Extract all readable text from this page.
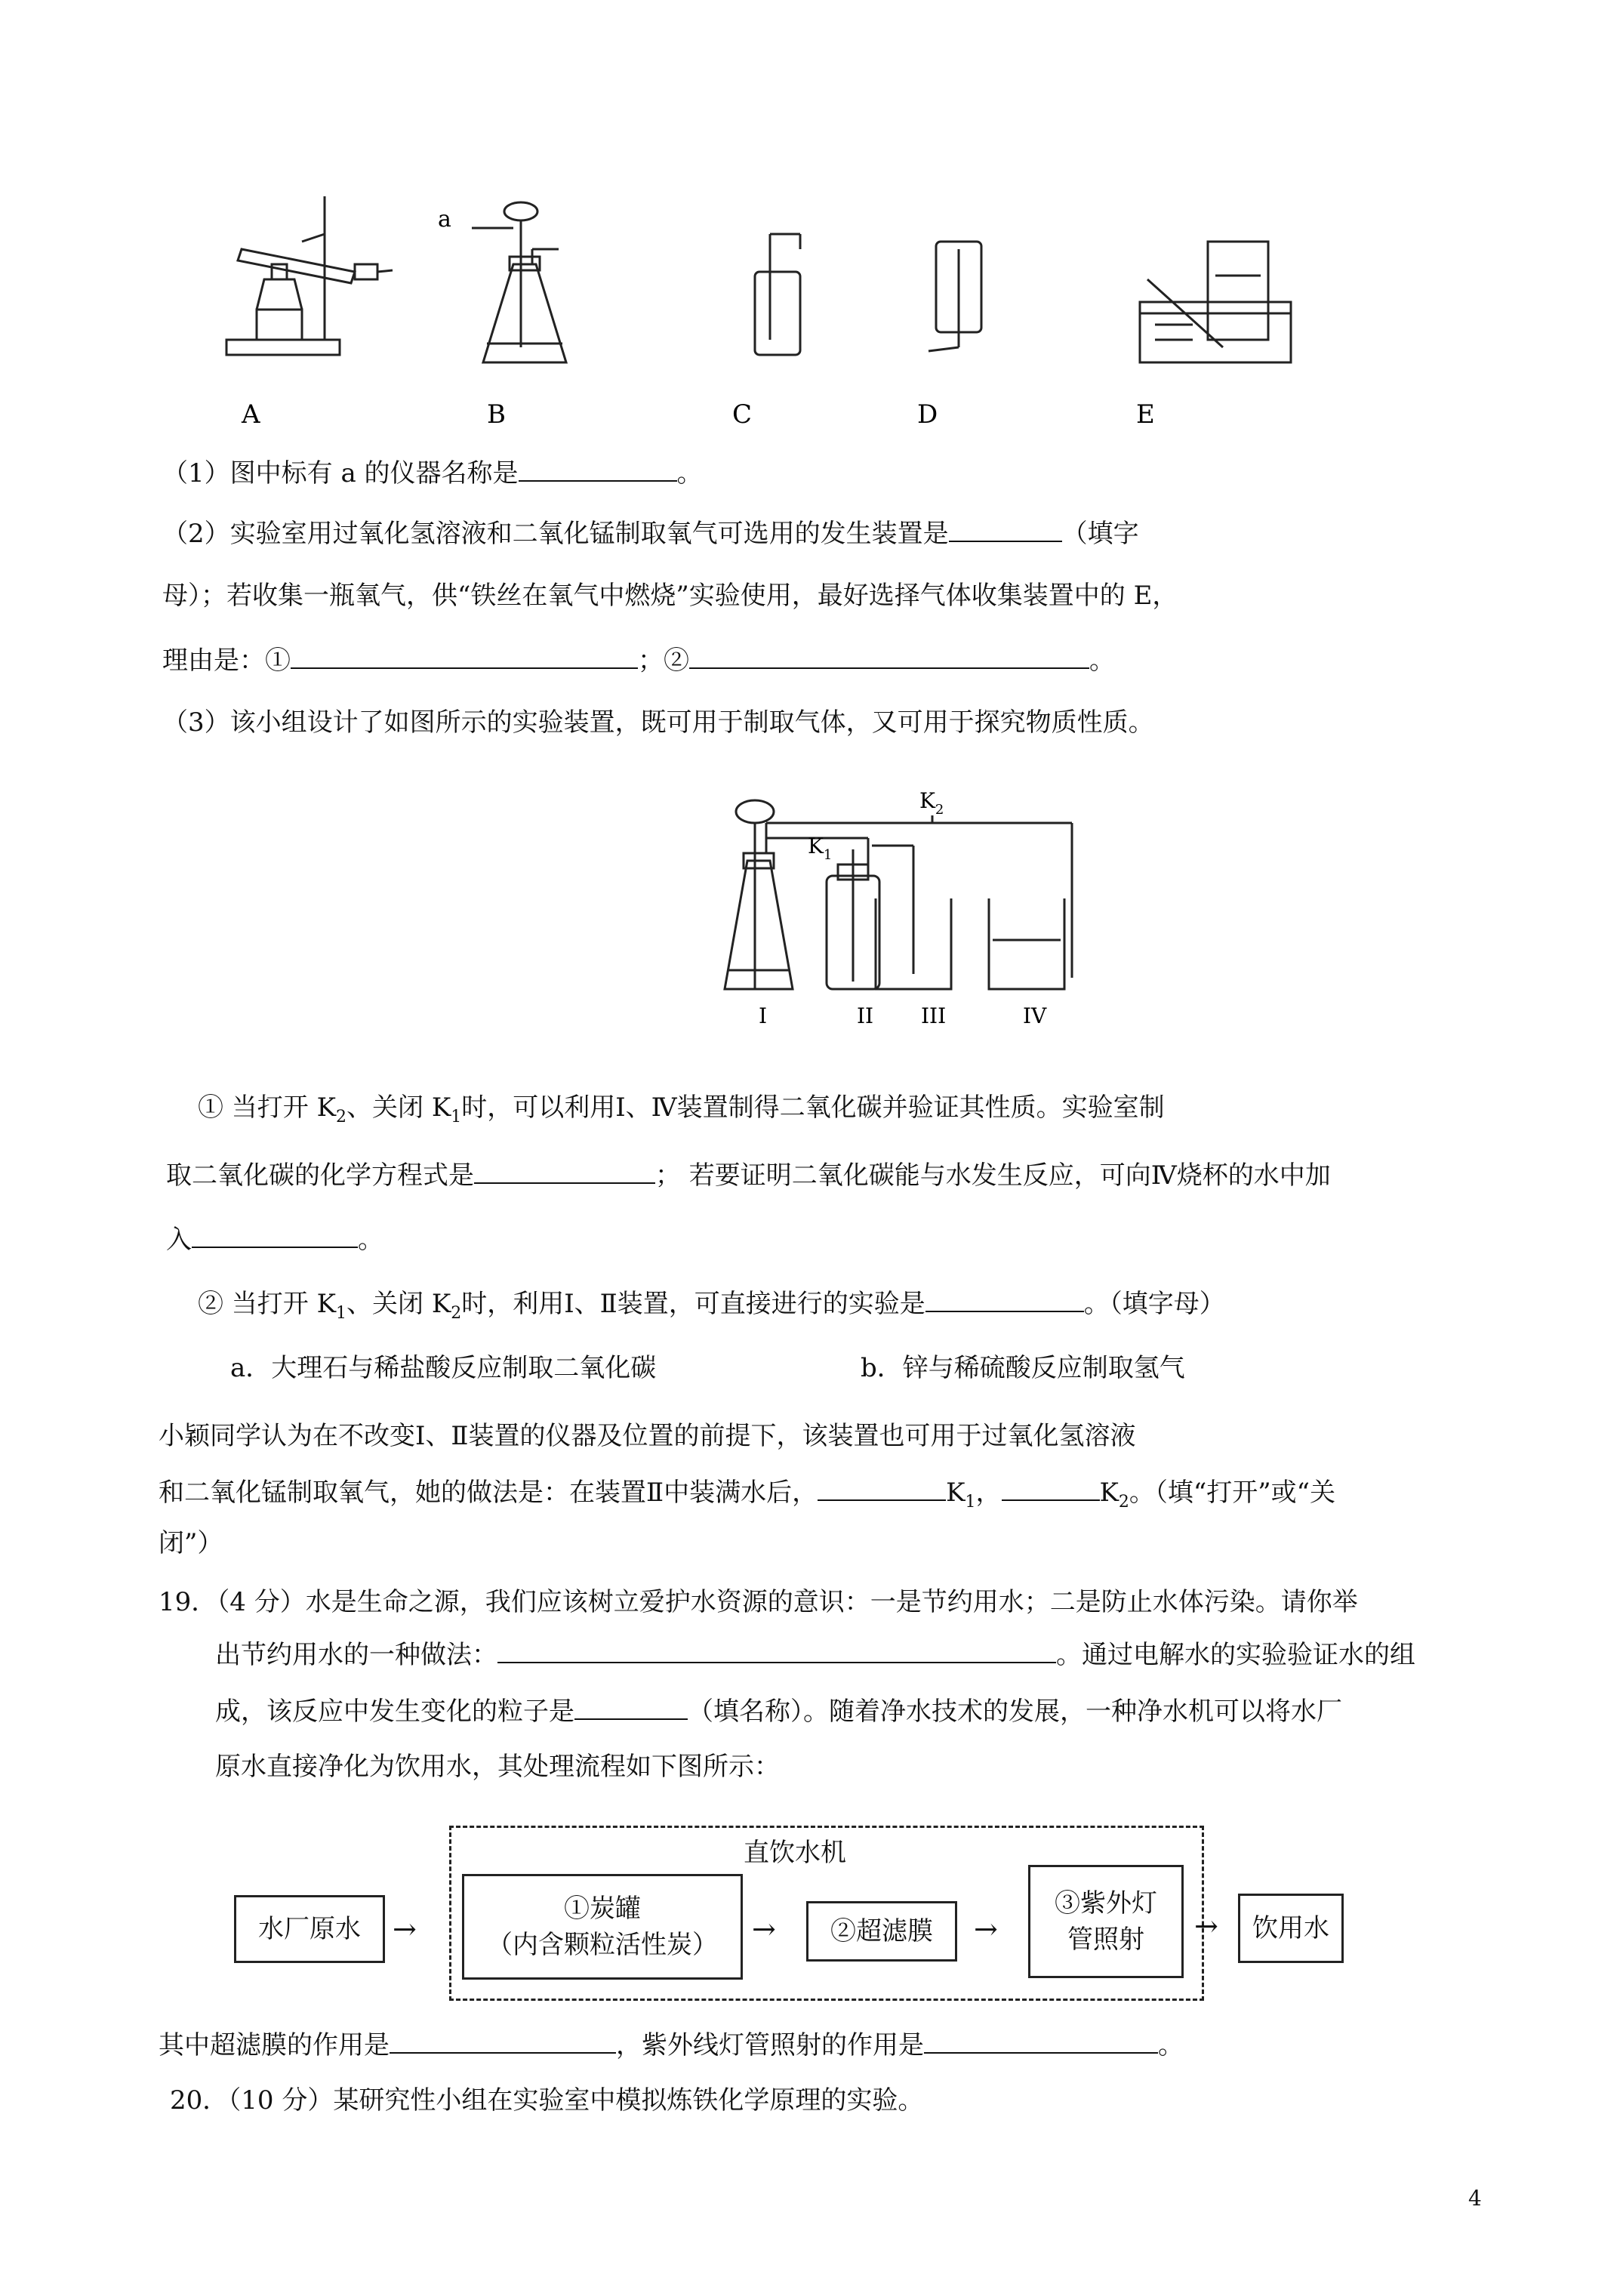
a
A	B	C	D	E
（1）图中标有 a 的仪器名称是	。
（2）实验室用过氧化氢溶液和二氧化锰制取氧气可选用的发生装置是	（填字
母）；若收集一瓶氧气，供“铁丝在氧气中燃烧”实验使用，最好选择气体收集装置中的 E，
理由是：①	；②	。
（3）该小组设计了如图所示的实验装置，既可用于制取气体，又可用于探究物质性质。
$K_2$
$K_1$
I	II III	IV
① 当打开 $K_2$、关闭 $K_1$时，可以利用Ⅰ、Ⅳ装置制得二氧化碳并验证其性质。实验室制
取二氧化碳的化学方程式是	； 若要证明二氧化碳能与水发生反应，可向Ⅳ烧杯的水中加
入	。
② 当打开 $K_1$、关闭 $K_2$时，利用Ⅰ、Ⅱ装置，可直接进行的实验是	。（填字母）
a．大理石与稀盐酸反应制取二氧化碳	b．锌与稀硫酸反应制取氢气
小颖同学认为在不改变Ⅰ、Ⅱ装置的仪器及位置的前提下，该装置也可用于过氧化氢溶液
和二氧化锰制取氧气，她的做法是：在装置Ⅱ中装满水后，	$K_1$，	$K_2$。（填“打开”或“关
闭”）
19．（4 分）水是生命之源，我们应该树立爱护水资源的意识：一是节约用水；二是防止水体污染。请你举
出节约用水的一种做法：	。通过电解水的实验验证水的组
成，该反应中发生变化的粒子是	（填名称）。随着净水技术的发展，一种净水机可以将水厂
原水直接净化为饮用水，其处理流程如下图所示：
直饮水机
水厂原水 →
①炭罐
（内含颗粒活性炭） → ②超滤膜 →
③紫外灯
管照射 → 饮用水
其中超滤膜的作用是	，紫外线灯管照射的作用是	。
20．（10 分）某研究性小组在实验室中模拟炼铁化学原理的实验。
4
